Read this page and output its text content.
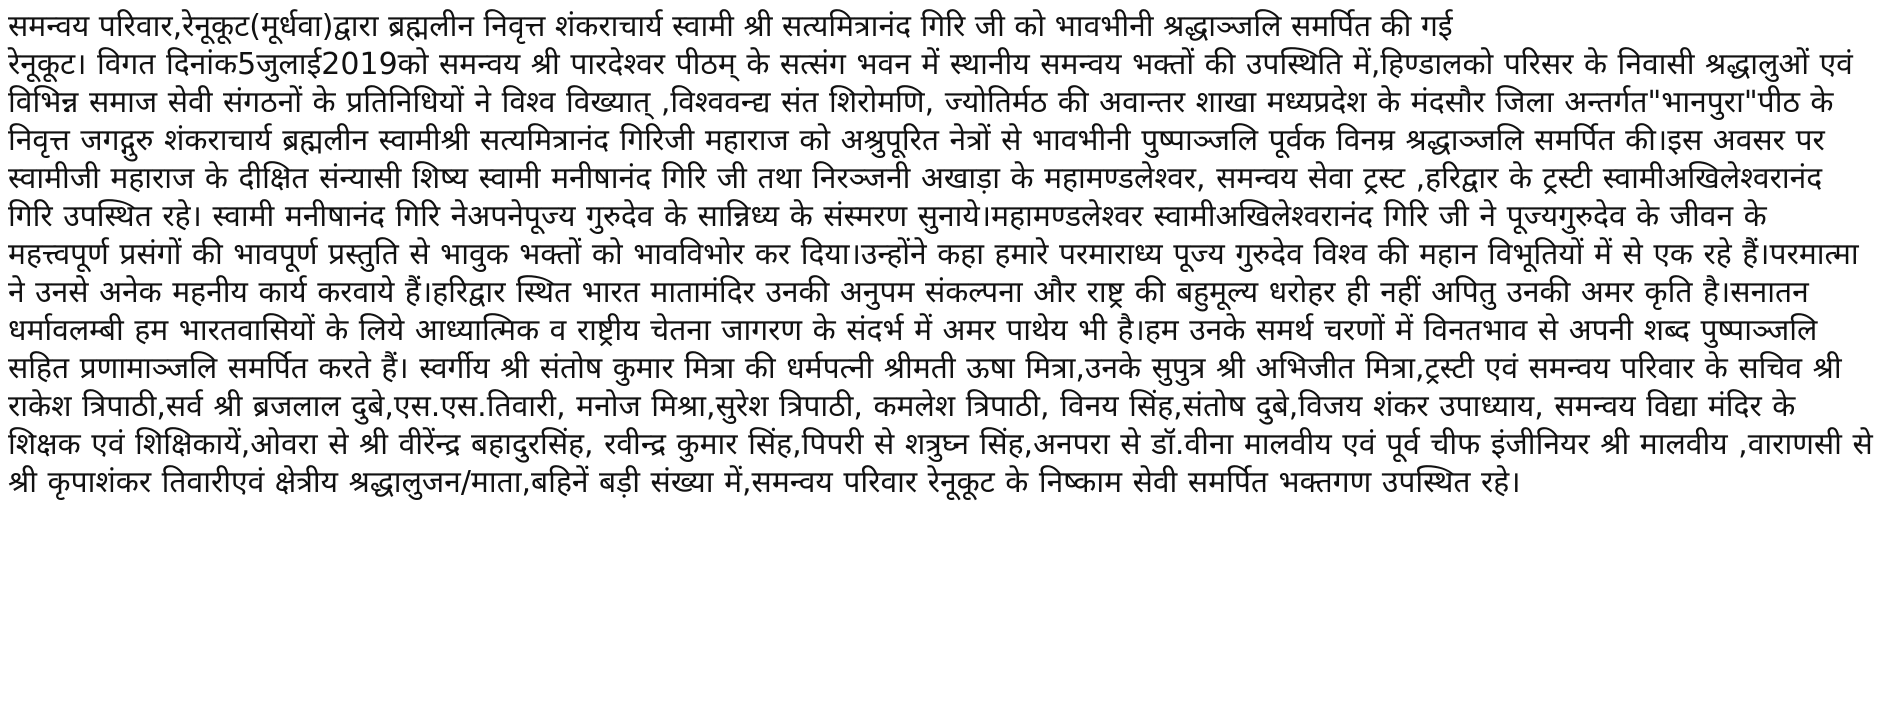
समन्वय परिवार,रेनूकूट(मूर्धवा)द्वारा ब्रह्मलीन निवृत्त शंकराचार्य स्वामी श्री सत्यमित्रानंद गिरि जी को भावभीनी श्रद्धाञ्जलि समर्पित की गई

रेनूकूट। विगत दिनांक5जुलाई2019को समन्वय श्री पारदेश्वर पीठम् के सत्संग भवन में स्थानीय समन्वय भक्तों की उपस्थिति में,हिण्डालको परिसर के निवासी श्रद्धालुओं एवं विभिन्न समाज सेवी संगठनों के प्रतिनिधियों ने विश्व विख्यात् ,विश्ववन्द्य संत शिरोमणि, ज्योतिर्मठ की अवान्तर शाखा मध्यप्रदेश के मंदसौर जिला अन्तर्गत"भानपुरा"पीठ के निवृत्त जगद्गुरु शंकराचार्य ब्रह्मलीन स्वामीश्री सत्यमित्रानंद गिरिजी महाराज को अश्रुपूरित नेत्रों से भावभीनी पुष्पाञ्जलि पूर्वक विनम्र श्रद्धाञ्जलि समर्पित की।इस अवसर पर स्वामीजी महाराज के दीक्षित संन्यासी शिष्य स्वामी मनीषानंद गिरि जी तथा निरञ्जनी अखाड़ा के महामण्डलेश्वर, समन्वय सेवा ट्रस्ट ,हरिद्वार के ट्रस्टी स्वामीअखिलेश्वरानंद गिरि उपस्थित रहे। स्वामी मनीषानंद गिरि नेअपनेपूज्य गुरुदेव के सान्निध्य के संस्मरण सुनाये।महामण्डलेश्वर स्वामीअखिलेश्वरानंद गिरि जी ने पूज्यगुरुदेव के जीवन के महत्त्वपूर्ण प्रसंगों की भावपूर्ण प्रस्तुति से भावुक भक्तों को भावविभोर कर दिया।उन्होंने कहा हमारे परमाराध्य पूज्य गुरुदेव विश्व की महान विभूतियों में से एक रहे हैं।परमात्मा ने उनसे अनेक महनीय कार्य करवाये हैं।हरिद्वार स्थित भारत मातामंदिर उनकी अनुपम संकल्पना और राष्ट्र की बहुमूल्य धरोहर ही नहीं अपितु उनकी अमर कृति है।सनातन धर्मावलम्बी हम भारतवासियों के लिये आध्यात्मिक व राष्ट्रीय चेतना जागरण के संदर्भ में अमर पाथेय भी है।हम उनके समर्थ चरणों में विनतभाव से अपनी शब्द पुष्पाञ्जलि सहित प्रणामाञ्जलि समर्पित करते हैं। स्वर्गीय श्री संतोष कुमार मित्रा की धर्मपत्नी श्रीमती ऊषा मित्रा,उनके सुपुत्र श्री अभिजीत मित्रा,ट्रस्टी एवं समन्वय परिवार के सचिव श्री राकेश त्रिपाठी,सर्व श्री ब्रजलाल दुबे,एस.एस.तिवारी, मनोज मिश्रा,सुरेश त्रिपाठी, कमलेश त्रिपाठी, विनय सिंह,संतोष दुबे,विजय शंकर उपाध्याय, समन्वय विद्या मंदिर के शिक्षक एवं शिक्षिकायें,ओवरा से श्री वीरेंन्द्र बहादुरसिंह, रवीन्द्र कुमार सिंह,पिपरी से शत्रुघ्न सिंह,अनपरा से डॉ.वीना मालवीय एवं पूर्व चीफ इंजीनियर श्री मालवीय ,वाराणसी से श्री कृपाशंकर तिवारीएवं क्षेत्रीय श्रद्धालुजन/माता,बहिनें बड़ी संख्या में,समन्वय परिवार रेनूकूट के निष्काम सेवी समर्पित भक्तगण उपस्थित रहे।
